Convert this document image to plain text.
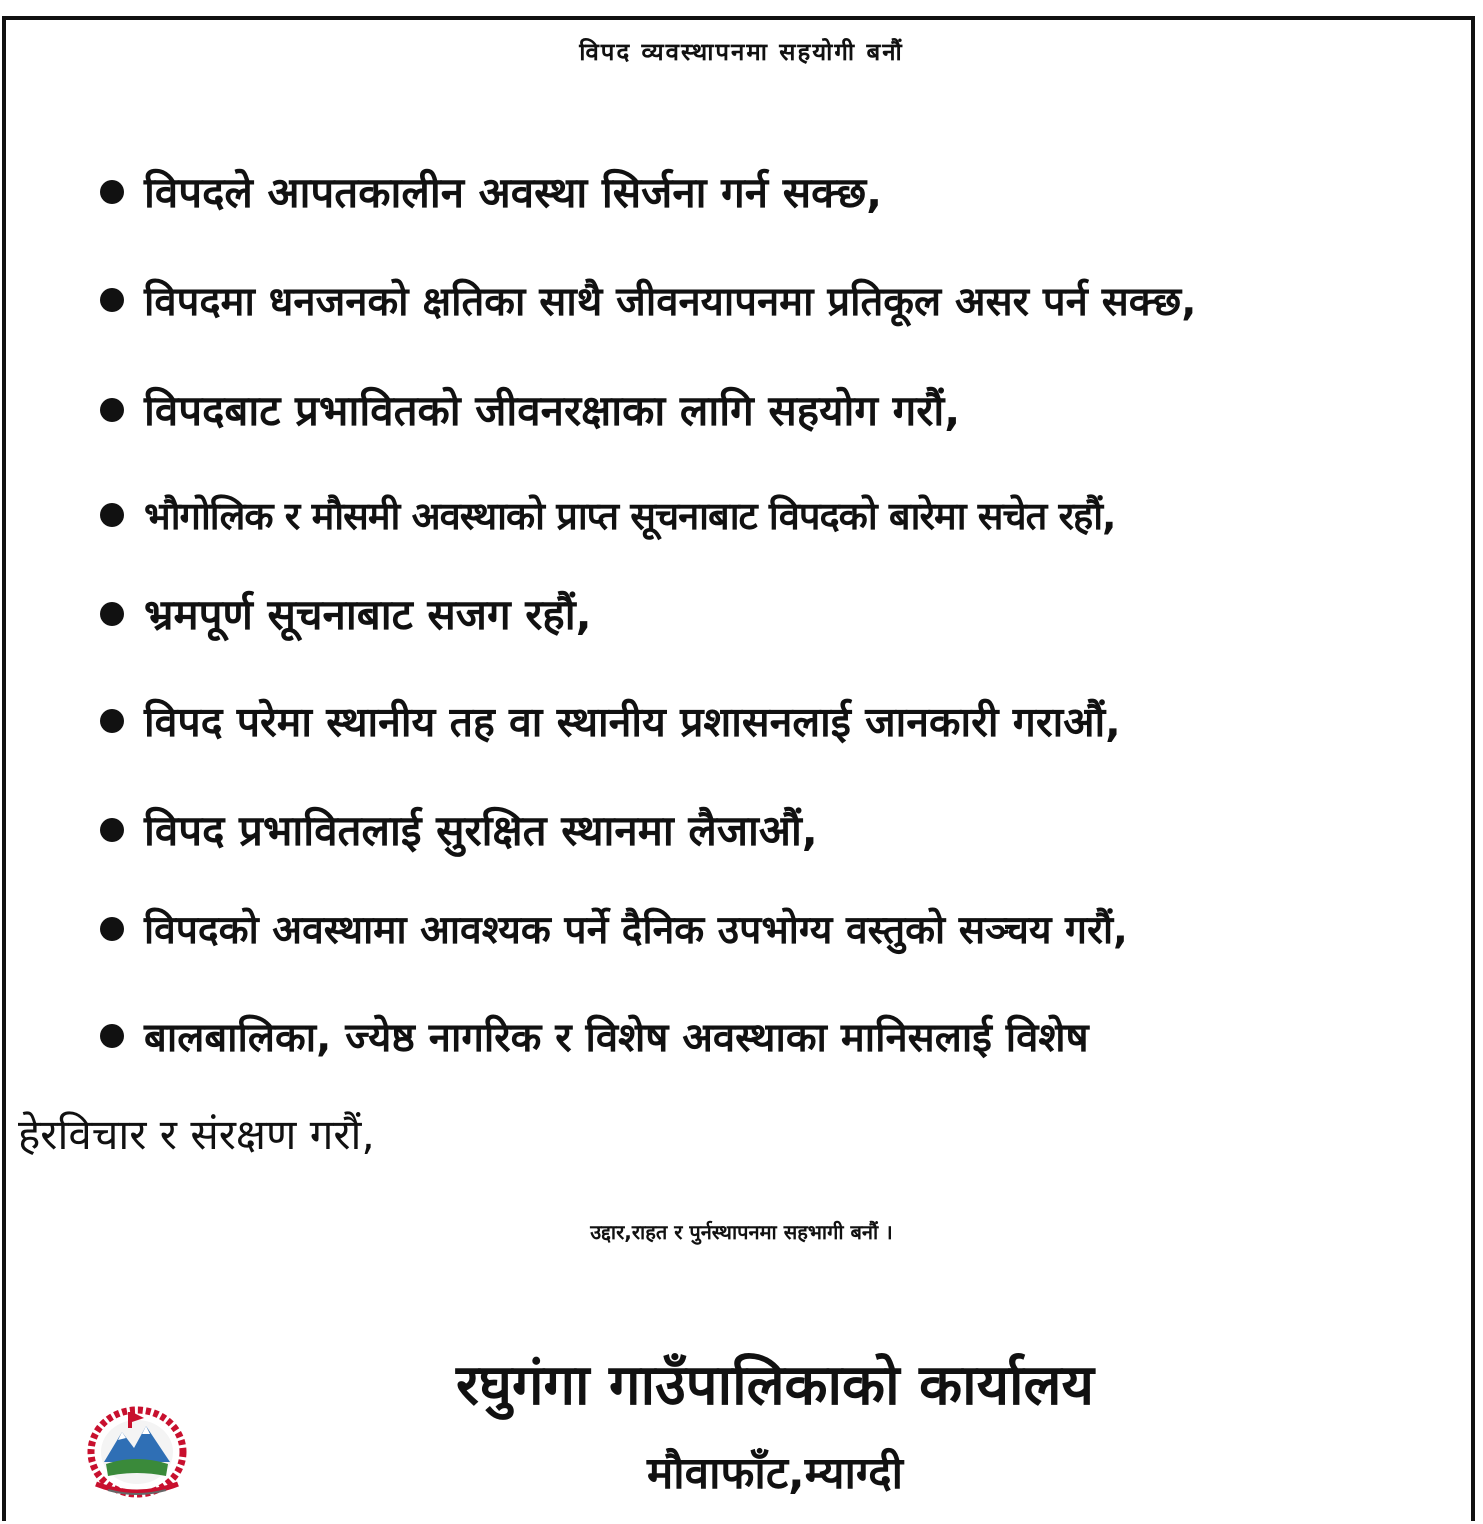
विपद व्यवस्थापनमा सहयोगी बनौं
विपदले आपतकालीन अवस्था सिर्जना गर्न सक्छ,
विपदमा धनजनको क्षतिका साथै जीवनयापनमा प्रतिकूल असर पर्न सक्छ,
विपदबाट प्रभावितको जीवनरक्षाका लागि सहयोग गरौं,
भौगोलिक र मौसमी अवस्थाको प्राप्त सूचनाबाट विपदको बारेमा सचेत रहौं,
भ्रमपूर्ण सूचनाबाट सजग रहौं,
विपद परेमा स्थानीय तह वा स्थानीय प्रशासनलाई जानकारी गराऔं,
विपद प्रभावितलाई सुरक्षित स्थानमा लैजाऔं,
विपदको अवस्थामा आवश्यक पर्ने दैनिक उपभोग्य वस्तुको सञ्चय गरौं,
बालबालिका, ज्येष्ठ नागरिक र विशेष अवस्थाका मानिसलाई विशेष
हेरविचार र संरक्षण गरौं,
उद्दार,राहत र पुर्नस्थापनमा सहभागी बनौं ।
रघुगंगा गाउँपालिकाको कार्यालय
मौवाफाँट,म्याग्दी
